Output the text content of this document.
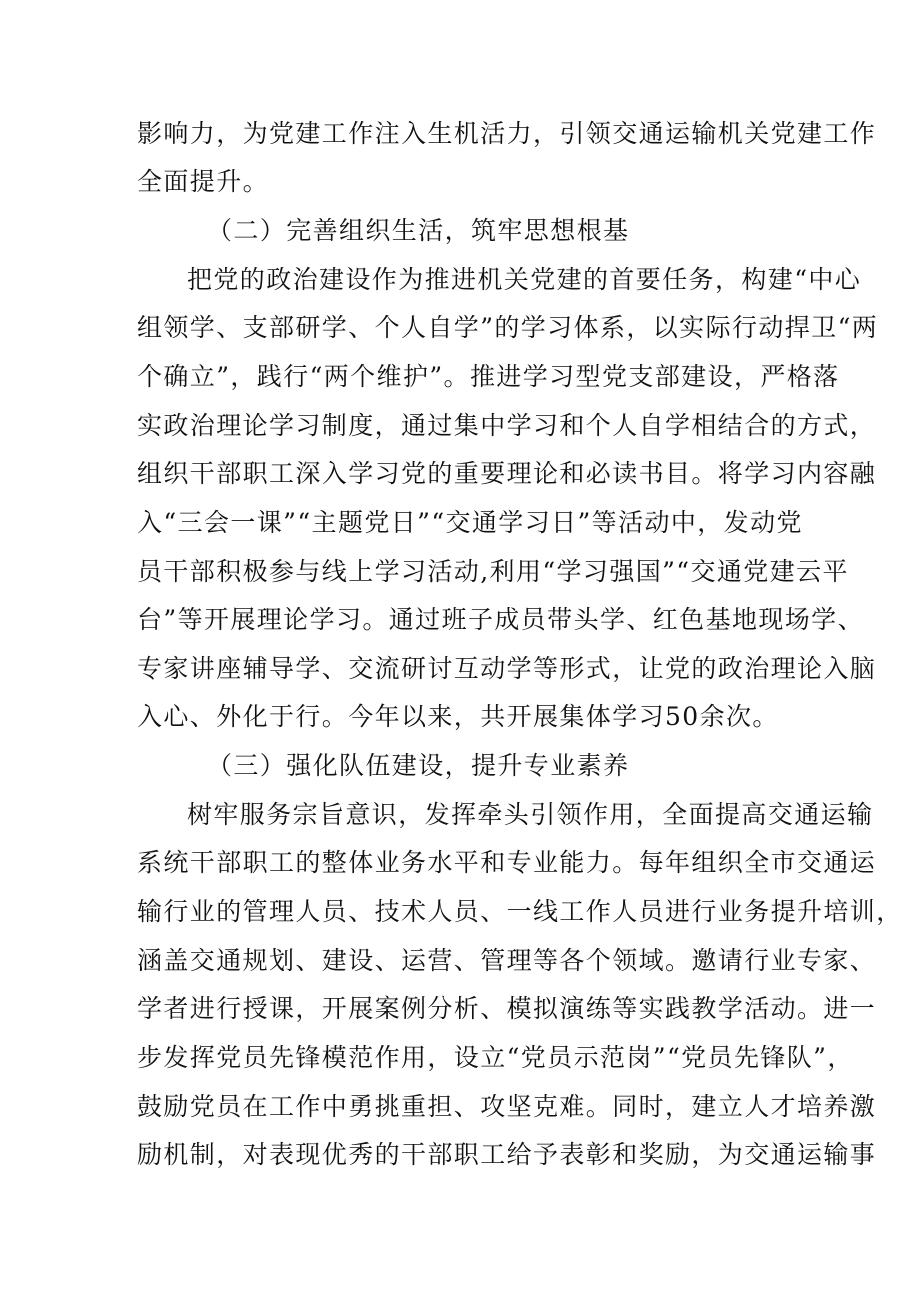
影响力，为党建工作注入生机活力，引领交通运输机关党建工作

全面提升。

（二）完善组织生活，筑牢思想根基

把党的政治建设作为推进机关党建的首要任务，构建“中心

组领学、支部研学、个人自学”的学习体系，以实际行动捍卫“两

个确立”，践行“两个维护”。推进学习型党支部建设，严格落

实政治理论学习制度，通过集中学习和个人自学相结合的方式，

组织干部职工深入学习党的重要理论和必读书目。将学习内容融

入“三会一课”“主题党日”“交通学习日”等活动中，发动党

员干部积极参与线上学习活动,利用“学习强国”“交通党建云平

台”等开展理论学习。通过班子成员带头学、红色基地现场学、

专家讲座辅导学、交流研讨互动学等形式，让党的政治理论入脑

入心、外化于行。今年以来，共开展集体学习50余次。

（三）强化队伍建设，提升专业素养

树牢服务宗旨意识，发挥牵头引领作用，全面提高交通运输

系统干部职工的整体业务水平和专业能力。每年组织全市交通运

输行业的管理人员、技术人员、一线工作人员进行业务提升培训，

涵盖交通规划、建设、运营、管理等各个领域。邀请行业专家、

学者进行授课，开展案例分析、模拟演练等实践教学活动。进一

步发挥党员先锋模范作用，设立“党员示范岗”“党员先锋队”，

鼓励党员在工作中勇挑重担、攻坚克难。同时，建立人才培养激

励机制，对表现优秀的干部职工给予表彰和奖励，为交通运输事
